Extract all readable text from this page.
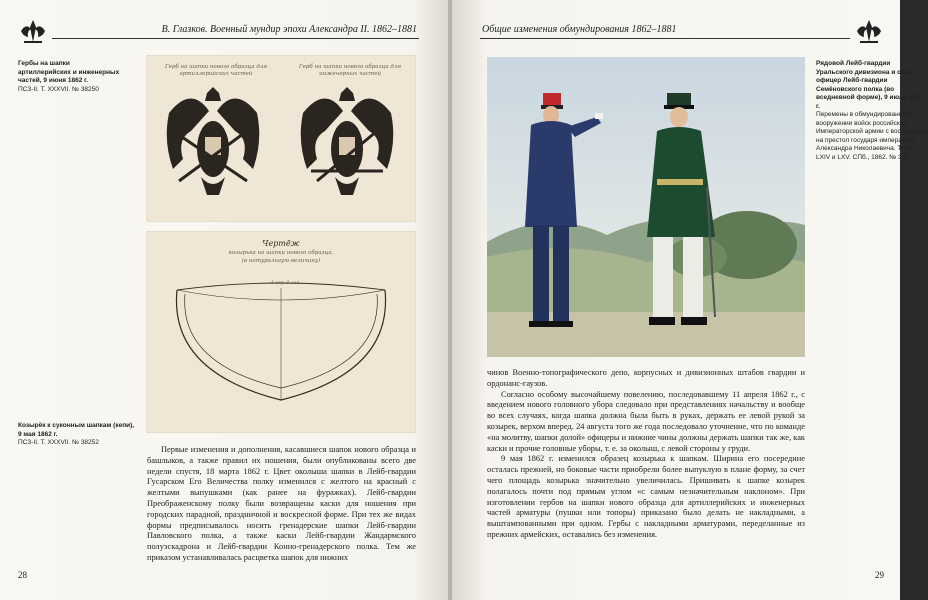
В. Глазков. Военный мундир эпохи Александра II. 1862–1881
Гербы на шапки артиллерийских и инженерных частей, 9 июня 1862 г.
ПСЗ-II. Т. XXXVII. № 38250
Герб на шапки нового образца для артиллерийских частей
Герб на шапки нового образца для инженерных частей
Чертёж
козырька на шапки нового образца.
(в натуральную величину)
4 вер. 9 лин.
Козырёк к суконным шапкам (кепи), 9 мая 1862 г.
ПСЗ-II. Т. XXXVII. № 38252

Первые изменения и дополнения, касавшиеся шапок нового образца и башлыков, а также правил их ношения, были опубликованы всего две недели спустя, 18 марта 1862 г. Цвет околыша шапки в Лейб-гвардии Гусарском Его Величества полку изменился с желтого на красный с желтыми выпушками (как ранее на фуражках). Лейб-гвардии Преображенскому полку были возвращены каски для ношения при городских парадной, праздничной и воскресной форме. При тех же видах формы предписывалось носить гренадерские шапки Лейб-гвардии Павловского полка, а также каски Лейб-гвардии Жандармского полуэскадрона и Лейб-гвардии Конно-гренадерского полка. Тем же приказом устанавливалась расцветка шапок для нижних

28
Общие изменения обмундирования 1862–1881
Рядовой Лейб-гвардии Уральского дивизиона и обер-офицер Лейб-гвардии Семёновского полка (во вседневной форме), 9 июля 1862 г.
Перемены в обмундировании и вооружении войск российской Императорской армии с восшествия на престол государя императора Александра Николаевича. Тетр. LXIV и LXV. СПб., 1862. № 385

чинов Военно-топографического депо, корпусных и дивизионных штабов гвардии и ордонанс-гаузов.

Согласно особому высочайшему повелению, последовавшему 11 апреля 1862 г., с введением нового головного убора следовало при представлениях начальству и вообще во всех случаях, когда шапка должна была быть в руках, держать ее левой рукой за козырек, верхом вперед. 24 августа того же года последовало уточнение, что по команде «на молитву, шапки долой» офицеры и нижние чины должны держать шапки так же, как каски и прочие головные уборы, т. е. за околыш, с левой стороны у груди.

9 мая 1862 г. изменился образец козырька к шапкам. Ширина его посередине осталась прежней, но боковые части приобрели более выпуклую в плане форму, за счет чего площадь козырька значительно увеличилась. Пришивать к шапке козырек полагалось почти под прямым углом «с самым незначительным наклоном». При изготовлении гербов на шапки нового образца для артиллерийских и инженерных частей арматуры (пушки или топоры) приказано было делать не накладными, а выштампованными при одном. Гербы с накладными арматурами, переделанные из прежних армейских, оставались без изменения.

29
